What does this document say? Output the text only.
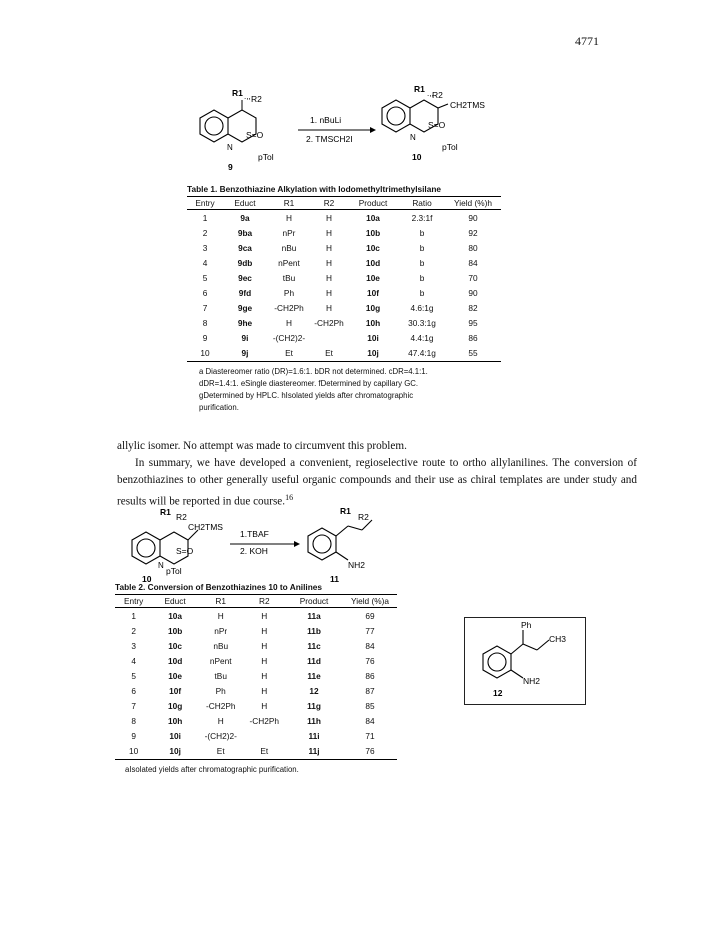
4771
R1 .,, R2
N
S=O
pTol
9
1. nBuLi
2. TMSCH2I
R1 .,,
R2
CH2TMS
N
S=O
pTol
10
Table 1. Benzothiazine Alkylation with Iodomethyltrimethylsilane
Entry	Educt	R1	R2	Product	Ratio	Yield (%)h
1	9a	H	H	10a	2.3:1f	90
2	9ba	nPr	H	10b	b	92
3	9ca	nBu	H	10c	b	80
4	9db	nPent	H	10d	b	84
5	9ec	tBu	H	10e	b	70
6	9fd	Ph	H	10f	b	90
7	9ge	-CH2Ph	H	10g	4.6:1g	82
8	9he	H	-CH2Ph	10h	30.3:1g	95
9	9i	-(CH2)2-		10i	4.4:1g	86
10	9j	Et	Et	10j	47.4:1g	55
a Diastereomer ratio (DR)=1.6:1. bDR not determined. cDR=4.1:1.
dDR=1.4:1. eSingle diastereomer. fDetermined by capillary GC.
gDetermined by HPLC. hIsolated yields after chromatographic
purification.
allylic isomer. No attempt was made to circumvent this problem.
In summary, we have developed a convenient, regioselective route to ortho allylanilines. The conversion of benzothiazines to other generally useful organic compounds and their use as chiral templates are under study and results will be reported in due course.$^{16}$
R1 R2
CH2TMS
N
S=O
pTol
10
1.TBAF
2. KOH
R1
R2
NH2
11
Table 2. Conversion of Benzothiazines 10 to Anilines
Entry	Educt	R1	R2	Product	Yield (%)a
1	10a	H	H	11a	69
2	10b	nPr	H	11b	77
3	10c	nBu	H	11c	84
4	10d	nPent	H	11d	76
5	10e	tBu	H	11e	86
6	10f	Ph	H	12	87
7	10g	-CH2Ph	H	11g	85
8	10h	H	-CH2Ph	11h	84
9	10i	-(CH2)2-		11i	71
10	10j	Et	Et	11j	76
aIsolated yields after chromatographic purification.
Ph
CH3
NH2
12
